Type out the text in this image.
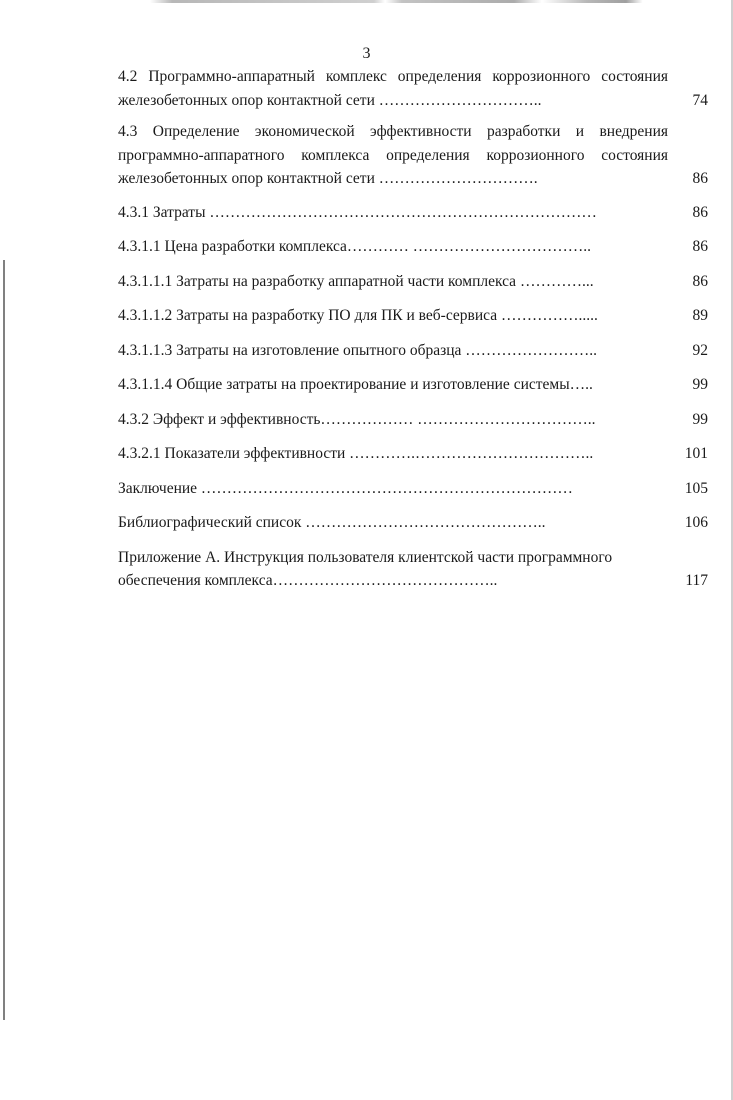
3
4.2 Программно-аппаратный комплекс определения коррозионного состояния железобетонных опор контактной сети …………………………..	74
4.3 Определение экономической эффективности разработки и внедрения программно-аппаратного комплекса определения коррозионного состояния железобетонных опор контактной сети ………………………….	86
4.3.1 Затраты …………………………………………………………………	86
4.3.1.1 Цена разработки комплекса………… ……………………………..	86
4.3.1.1.1 Затраты на разработку аппаратной части комплекса …………...	86
4.3.1.1.2 Затраты на разработку ПО для ПК и веб-сервиса …………….....	89
4.3.1.1.3 Затраты на изготовление опытного образца ……………………..	92
4.3.1.1.4 Общие затраты на проектирование и изготовление системы…..	99
4.3.2 Эффект и эффективность……………… ……………………………..	99
4.3.2.1 Показатели эффективности ………….……………………………..	101
Заключение ………………………………………………………………	105
Библиографический список ………………………………………..	106
Приложение А. Инструкция пользователя клиентской части программного обеспечения комплекса……………………………………..	117
